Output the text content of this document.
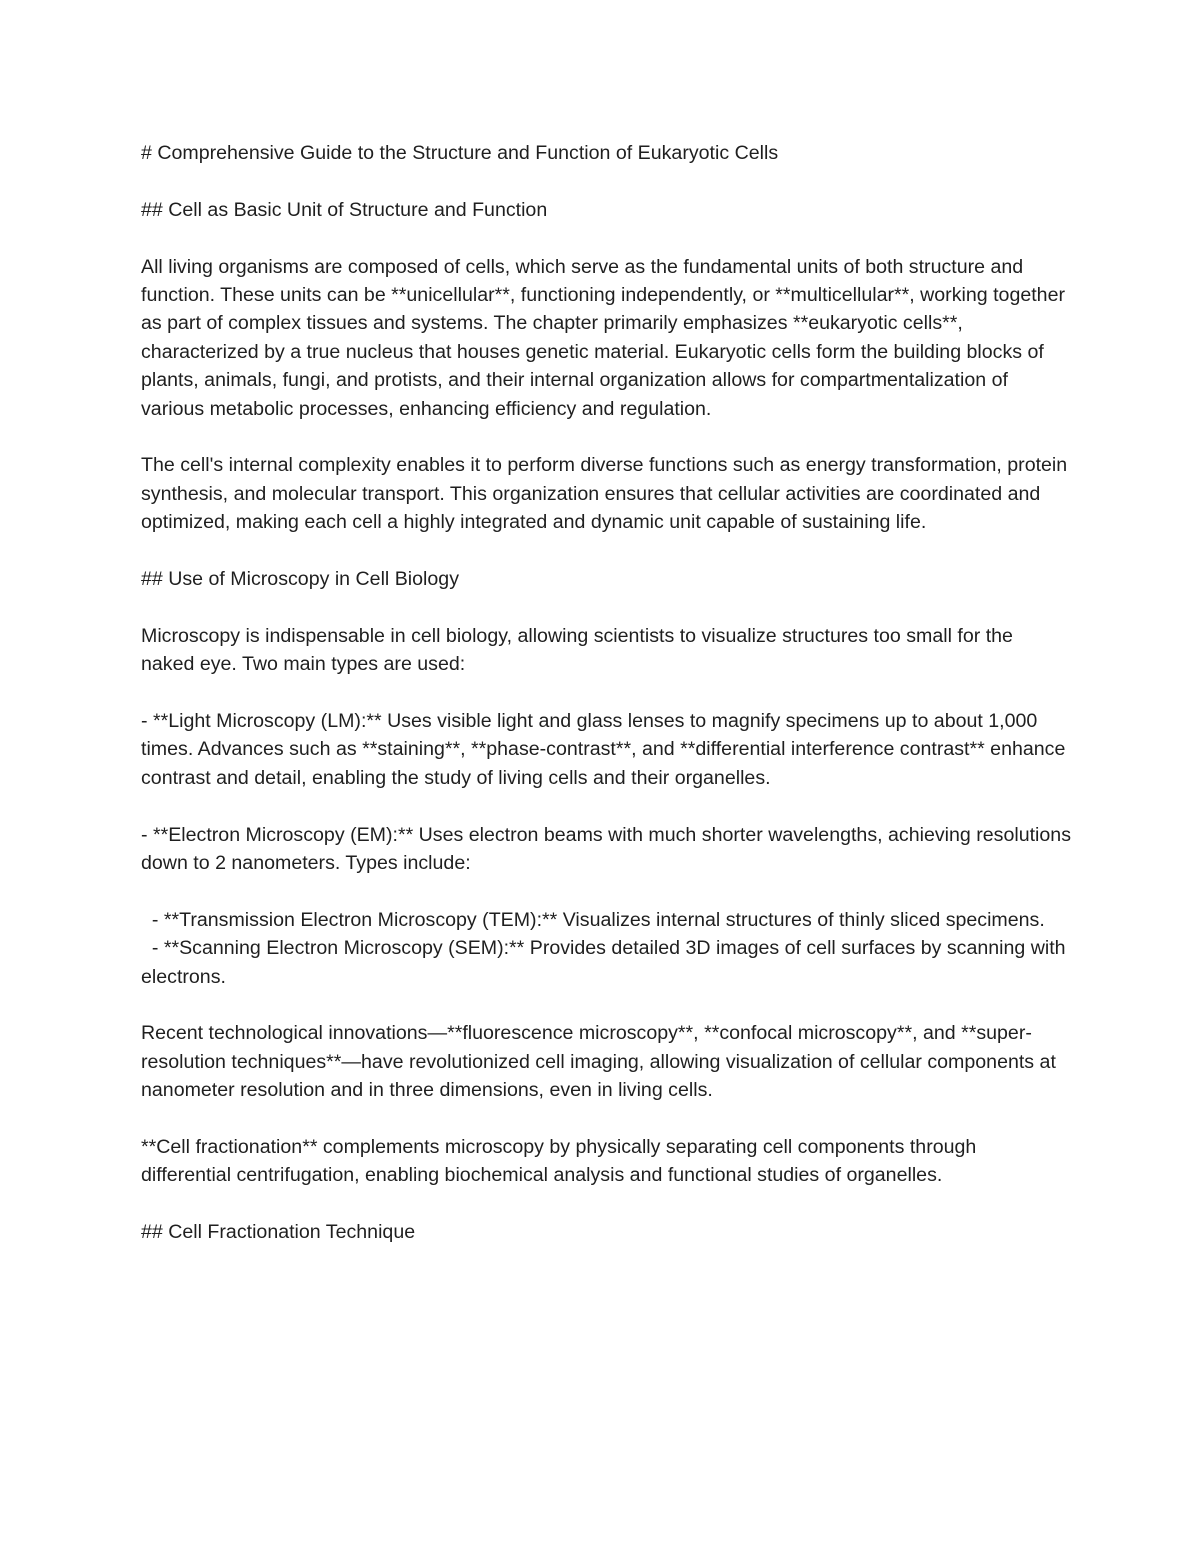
# Comprehensive Guide to the Structure and Function of Eukaryotic Cells

## Cell as Basic Unit of Structure and Function

All living organisms are composed of cells, which serve as the fundamental units of both structure and function. These units can be **unicellular**, functioning independently, or **multicellular**, working together as part of complex tissues and systems. The chapter primarily emphasizes **eukaryotic cells**, characterized by a true nucleus that houses genetic material. Eukaryotic cells form the building blocks of plants, animals, fungi, and protists, and their internal organization allows for compartmentalization of various metabolic processes, enhancing efficiency and regulation.

The cell's internal complexity enables it to perform diverse functions such as energy transformation, protein synthesis, and molecular transport. This organization ensures that cellular activities are coordinated and optimized, making each cell a highly integrated and dynamic unit capable of sustaining life.

## Use of Microscopy in Cell Biology

Microscopy is indispensable in cell biology, allowing scientists to visualize structures too small for the naked eye. Two main types are used:

- **Light Microscopy (LM):** Uses visible light and glass lenses to magnify specimens up to about 1,000 times. Advances such as **staining**, **phase-contrast**, and **differential interference contrast** enhance contrast and detail, enabling the study of living cells and their organelles.

- **Electron Microscopy (EM):** Uses electron beams with much shorter wavelengths, achieving resolutions down to 2 nanometers. Types include:

- **Transmission Electron Microscopy (TEM):** Visualizes internal structures of thinly sliced specimens.

- **Scanning Electron Microscopy (SEM):** Provides detailed 3D images of cell surfaces by scanning with electrons.

Recent technological innovations—**fluorescence microscopy**, **confocal microscopy**, and **super-resolution techniques**—have revolutionized cell imaging, allowing visualization of cellular components at nanometer resolution and in three dimensions, even in living cells.

**Cell fractionation** complements microscopy by physically separating cell components through differential centrifugation, enabling biochemical analysis and functional studies of organelles.

## Cell Fractionation Technique
